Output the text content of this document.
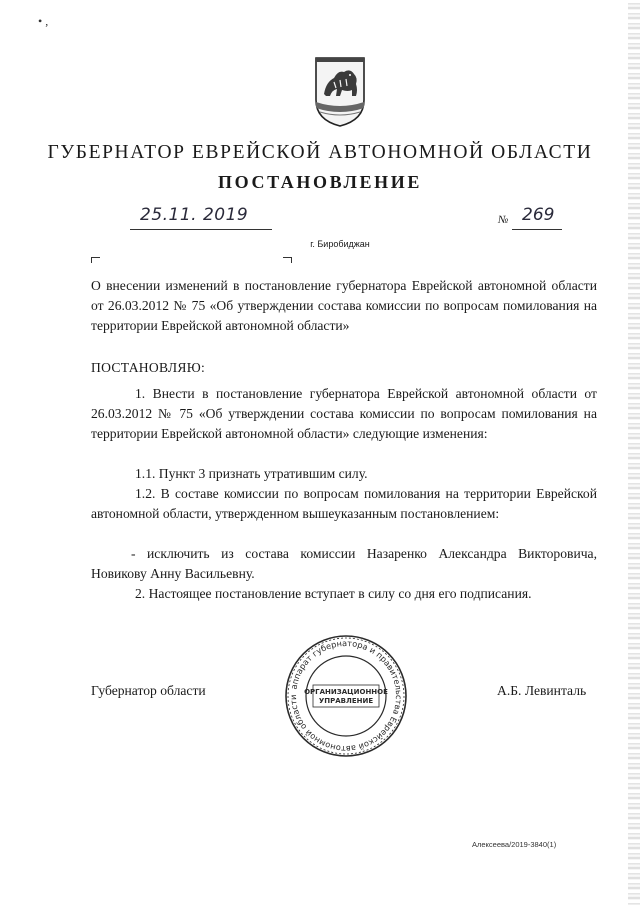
• ,
ГУБЕРНАТОР ЕВРЕЙСКОЙ АВТОНОМНОЙ ОБЛАСТИ
ПОСТАНОВЛЕНИЕ
25.11. 2019	№ 269
г. Биробиджан
О внесении изменений в постановление губернатора Еврейской автономной области от 26.03.2012 № 75 «Об утверждении состава комиссии по вопросам помилования на территории Еврейской автономной области»
ПОСТАНОВЛЯЮ:
1. Внести в постановление губернатора Еврейской автономной области от 26.03.2012 № 75 «Об утверждении состава комиссии по вопросам помилования на территории Еврейской автономной области» следующие изменения:
1.1. Пункт 3 признать утратившим силу.
1.2. В составе комиссии по вопросам помилования на территории Еврейской автономной области, утвержденном вышеуказанным постановлением:
- исключить из состава комиссии Назаренко Александра Викторовича, Новикову Анну Васильевну.
2. Настоящее постановление вступает в силу со дня его подписания.
Губернатор области	А.Б. Левинталь
аппарат губернатора и правительства Еврейской автономной области
ОРГАНИЗАЦИОННОЕ
УПРАВЛЕНИЕ
Алексеева/2019-3840(1)
